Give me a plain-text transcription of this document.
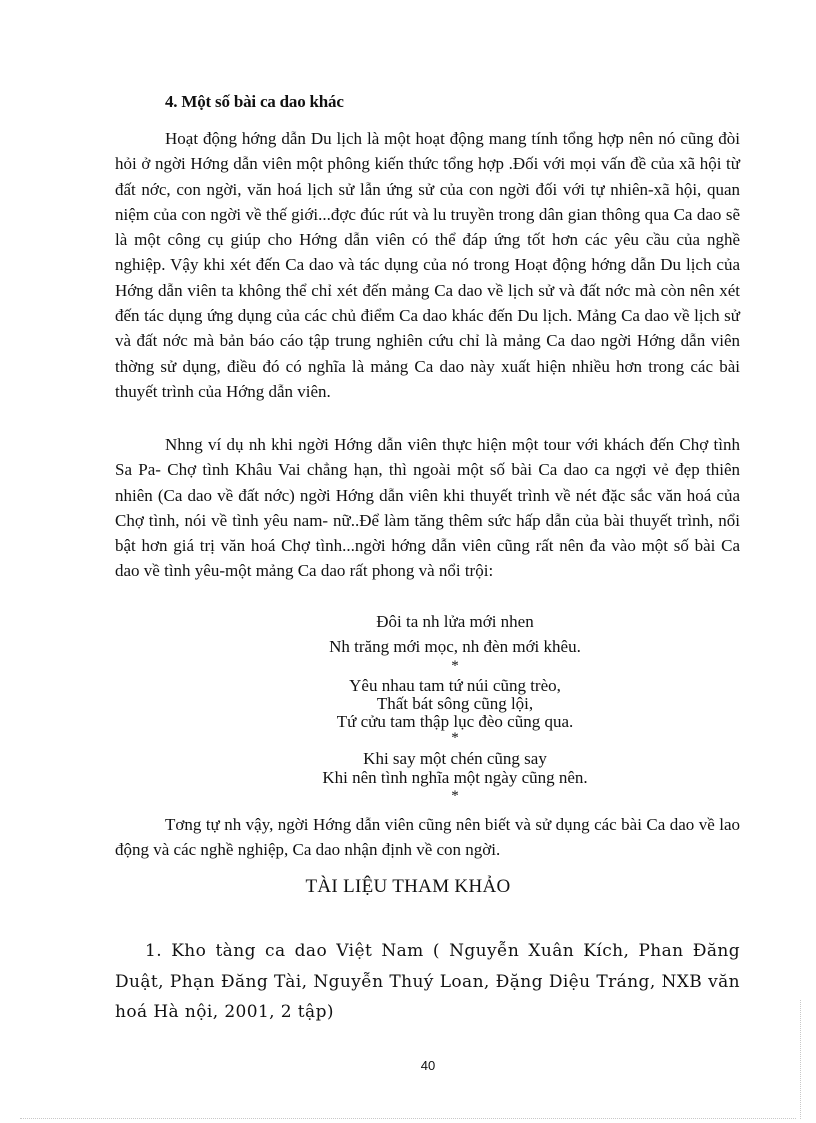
4. Một số bài ca dao khác

Hoạt động hớng dẫn Du lịch là một hoạt động mang tính tổng hợp nên nó cũng đòi hỏi ở ngời Hớng dẫn viên một phông kiến thức tổng hợp .Đối với mọi vấn đề của xã hội từ đất nớc, con ngời, văn hoá lịch sử lẫn ứng sử của con ngời đối với tự nhiên-xã hội, quan niệm của con ngời về thế giới...đợc đúc rút và lu truyền trong dân gian thông qua Ca dao sẽ là một công cụ giúp cho Hớng dẫn viên có thể đáp ứng tốt hơn các yêu cầu của nghề nghiệp. Vậy khi xét đến Ca dao và tác dụng của nó trong Hoạt động hớng dẫn Du lịch của Hớng dẫn viên ta không thể chỉ xét đến mảng Ca dao về lịch sử và đất nớc mà còn nên xét đến tác dụng ứng dụng của các chủ điểm Ca dao khác đến Du lịch. Mảng Ca dao về lịch sử và đất nớc mà bản báo cáo tập trung nghiên cứu chỉ là mảng Ca dao ngời Hớng dẫn viên thờng sử dụng, điều đó có nghĩa là mảng Ca dao này xuất hiện nhiều hơn trong các bài thuyết trình của Hớng dẫn viên.

Nhng ví dụ nh khi ngời Hớng dẫn viên thực hiện một tour với khách đến Chợ tình Sa Pa- Chợ tình Khâu Vai chẳng hạn, thì ngoài một số bài Ca dao ca ngợi vẻ đẹp thiên nhiên (Ca dao về đất nớc) ngời Hớng dẫn viên khi thuyết trình về nét đặc sắc văn hoá của Chợ tình, nói về tình yêu nam- nữ..Để làm tăng thêm sức hấp dẫn của bài thuyết trình, nổi bật hơn giá trị văn hoá Chợ tình...ngời hớng dẫn viên cũng rất nên đa vào một số bài Ca dao về tình yêu-một mảng Ca dao rất phong và nổi trội:

Đôi ta nh lửa mới nhen
Nh trăng mới mọc, nh đèn mới khêu.
*
Yêu nhau tam tứ núi cũng trèo,
Thất bát sông cũng lội,
Tứ cửu tam thập lục đèo cũng qua.
*
Khi say một chén cũng say
Khi nên tình nghĩa một ngày cũng nên.
*

Tơng tự nh vậy, ngời Hớng dẫn viên cũng nên biết và sử dụng các bài Ca dao về lao động và các nghề nghiệp, Ca dao nhận định về con ngời.

TÀI LIỆU THAM KHẢO

1. Kho tàng ca dao Việt Nam ( Nguyễn Xuân Kích, Phan Đăng Duật, Phạn Đăng Tài, Nguyễn Thuý Loan, Đặng Diệu Tráng, NXB văn hoá Hà nội, 2001, 2 tập)

40
